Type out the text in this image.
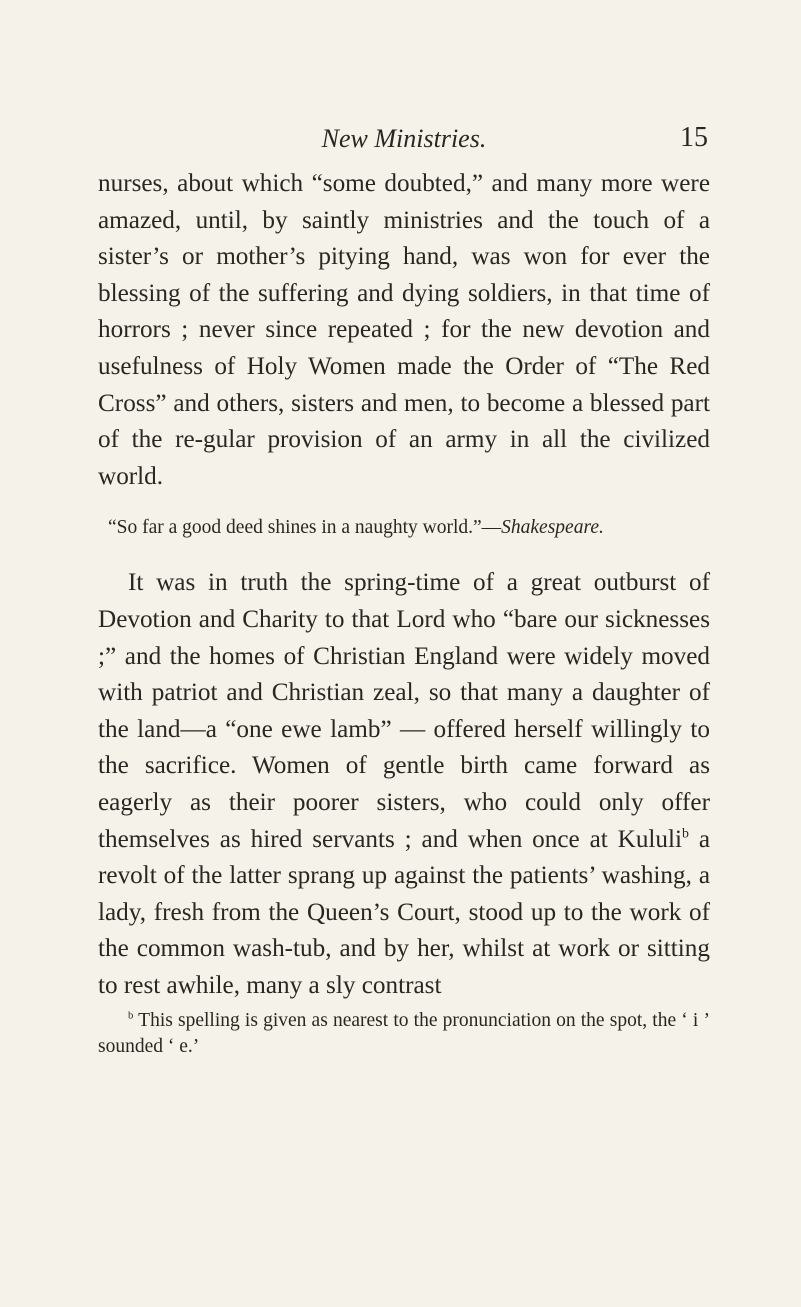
New Ministries.	15

nurses, about which “some doubted,” and many more were amazed, until, by saintly ministries and the touch of a sister’s or mother’s pitying hand, was won for ever the blessing of the suffering and dying soldiers, in that time of horrors ; never since repeated ; for the new devotion and usefulness of Holy Women made the Order of “The Red Cross” and others, sisters and men, to become a blessed part of the re-gular provision of an army in all the civilized world.

“So far a good deed shines in a naughty world.”—Shakespeare.

It was in truth the spring-time of a great outburst of Devotion and Charity to that Lord who “bare our sicknesses ;” and the homes of Christian England were widely moved with patriot and Christian zeal, so that many a daughter of the land—a “one ewe lamb” — offered herself willingly to the sacrifice. Women of gentle birth came forward as eagerly as their poorer sisters, who could only offer themselves as hired servants ; and when once at Kululi$^b$ a revolt of the latter sprang up against the patients’ washing, a lady, fresh from the Queen’s Court, stood up to the work of the common wash-tub, and by her, whilst at work or sitting to rest awhile, many a sly contrast

$^b$ This spelling is given as nearest to the pronunciation on the spot, the ‘ i ’ sounded ‘ e.’
